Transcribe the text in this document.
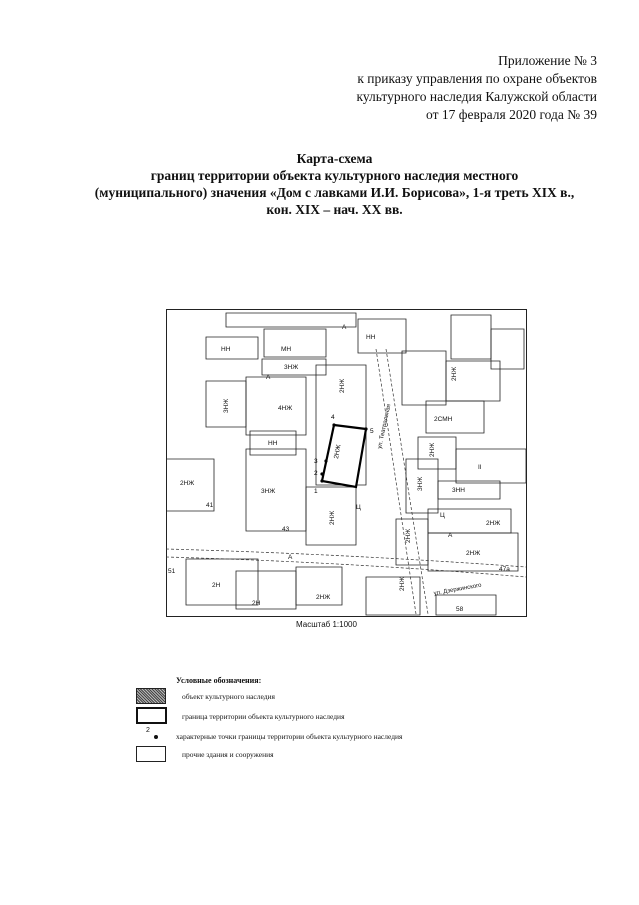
Приложение № 3
к приказу управления по охране объектов
культурного наследия Калужской области
от 17 февраля 2020 года № 39
Карта-схема
границ территории объекта культурного наследия местного
(муниципального) значения «Дом с лавками И.И. Борисова», 1-я треть XIX в.,
кон. XIX – нач. XX вв.
2НЖ
МН
НН
А
НН
3НЖ
3НЖ	4НЖ
А
НН
3НЖ
2НЖ
2НЖ
2НЖ
2СМН
2НЖ
2НЖ
II
3НЖ	3НН
2НЖ
2НЖ	А
2НЖ
2Н
2Н
2НЖ
2НЖ
А
Ц
Ц
51
43
41
47а
58
ул. Театральная
ул. Дзержинского
1
2
3
4
5
Масштаб 1:1000
Условные обозначения:
объект культурного наследия
граница территории объекта культурного наследия
2
характерные точки границы территории объекта культурного наследия
прочие здания и сооружения
